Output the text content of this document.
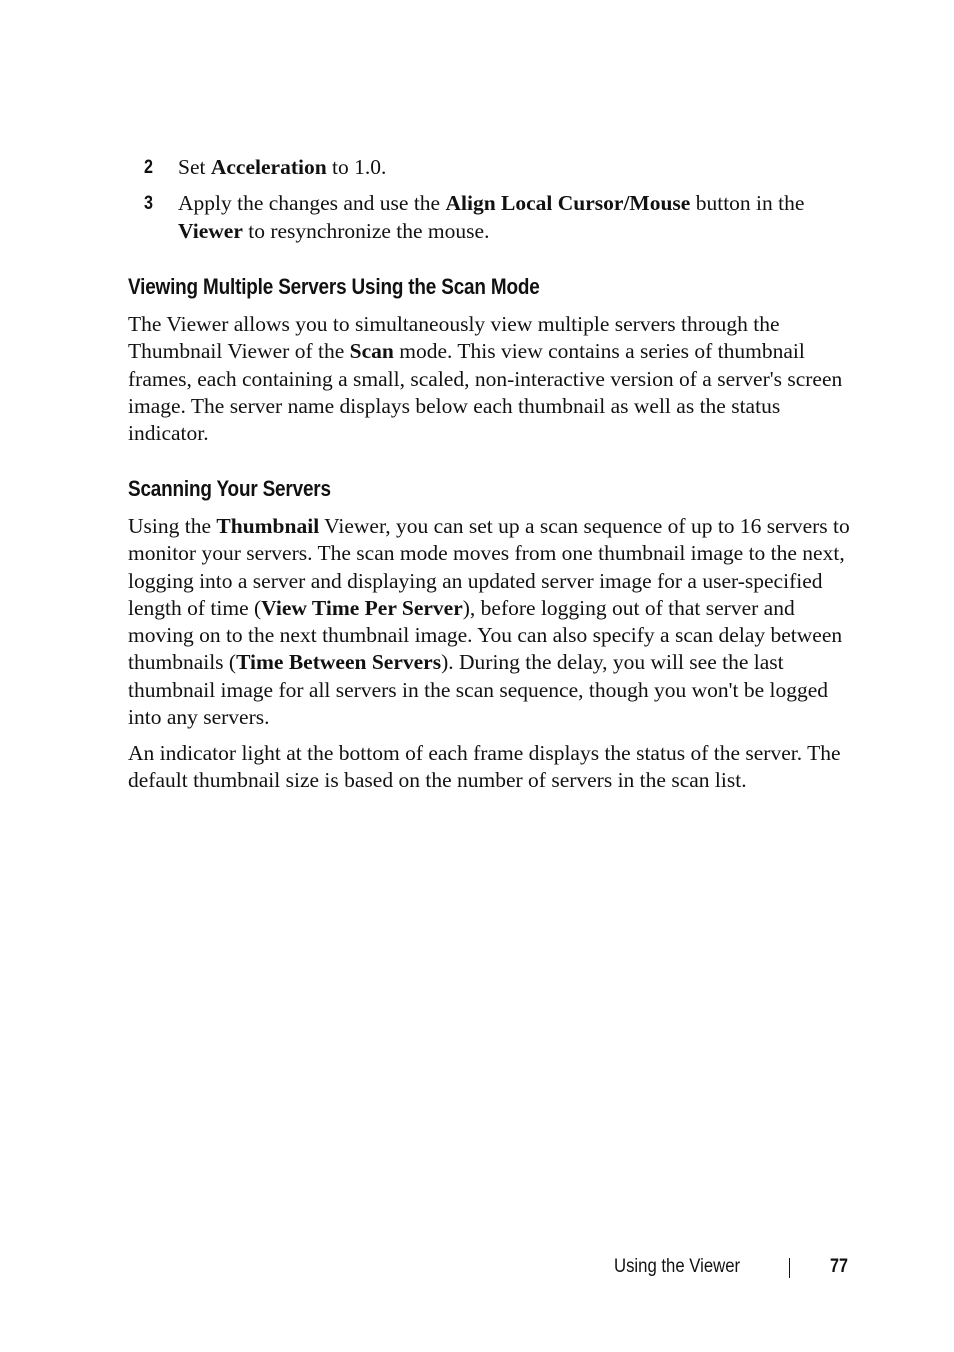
2 Set Acceleration to 1.0.
3 Apply the changes and use the Align Local Cursor/Mouse button in the Viewer to resynchronize the mouse.
Viewing Multiple Servers Using the Scan Mode

The Viewer allows you to simultaneously view multiple servers through the Thumbnail Viewer of the Scan mode. This view contains a series of thumbnail frames, each containing a small, scaled, non-interactive version of a server's screen image. The server name displays below each thumbnail as well as the status indicator.

Scanning Your Servers

Using the Thumbnail Viewer, you can set up a scan sequence of up to 16 servers to monitor your servers. The scan mode moves from one thumbnail image to the next, logging into a server and displaying an updated server image for a user-specified length of time (View Time Per Server), before logging out of that server and moving on to the next thumbnail image. You can also specify a scan delay between thumbnails (Time Between Servers). During the delay, you will see the last thumbnail image for all servers in the scan sequence, though you won't be logged into any servers.

An indicator light at the bottom of each frame displays the status of the server. The default thumbnail size is based on the number of servers in the scan list.

Using the Viewer	77
